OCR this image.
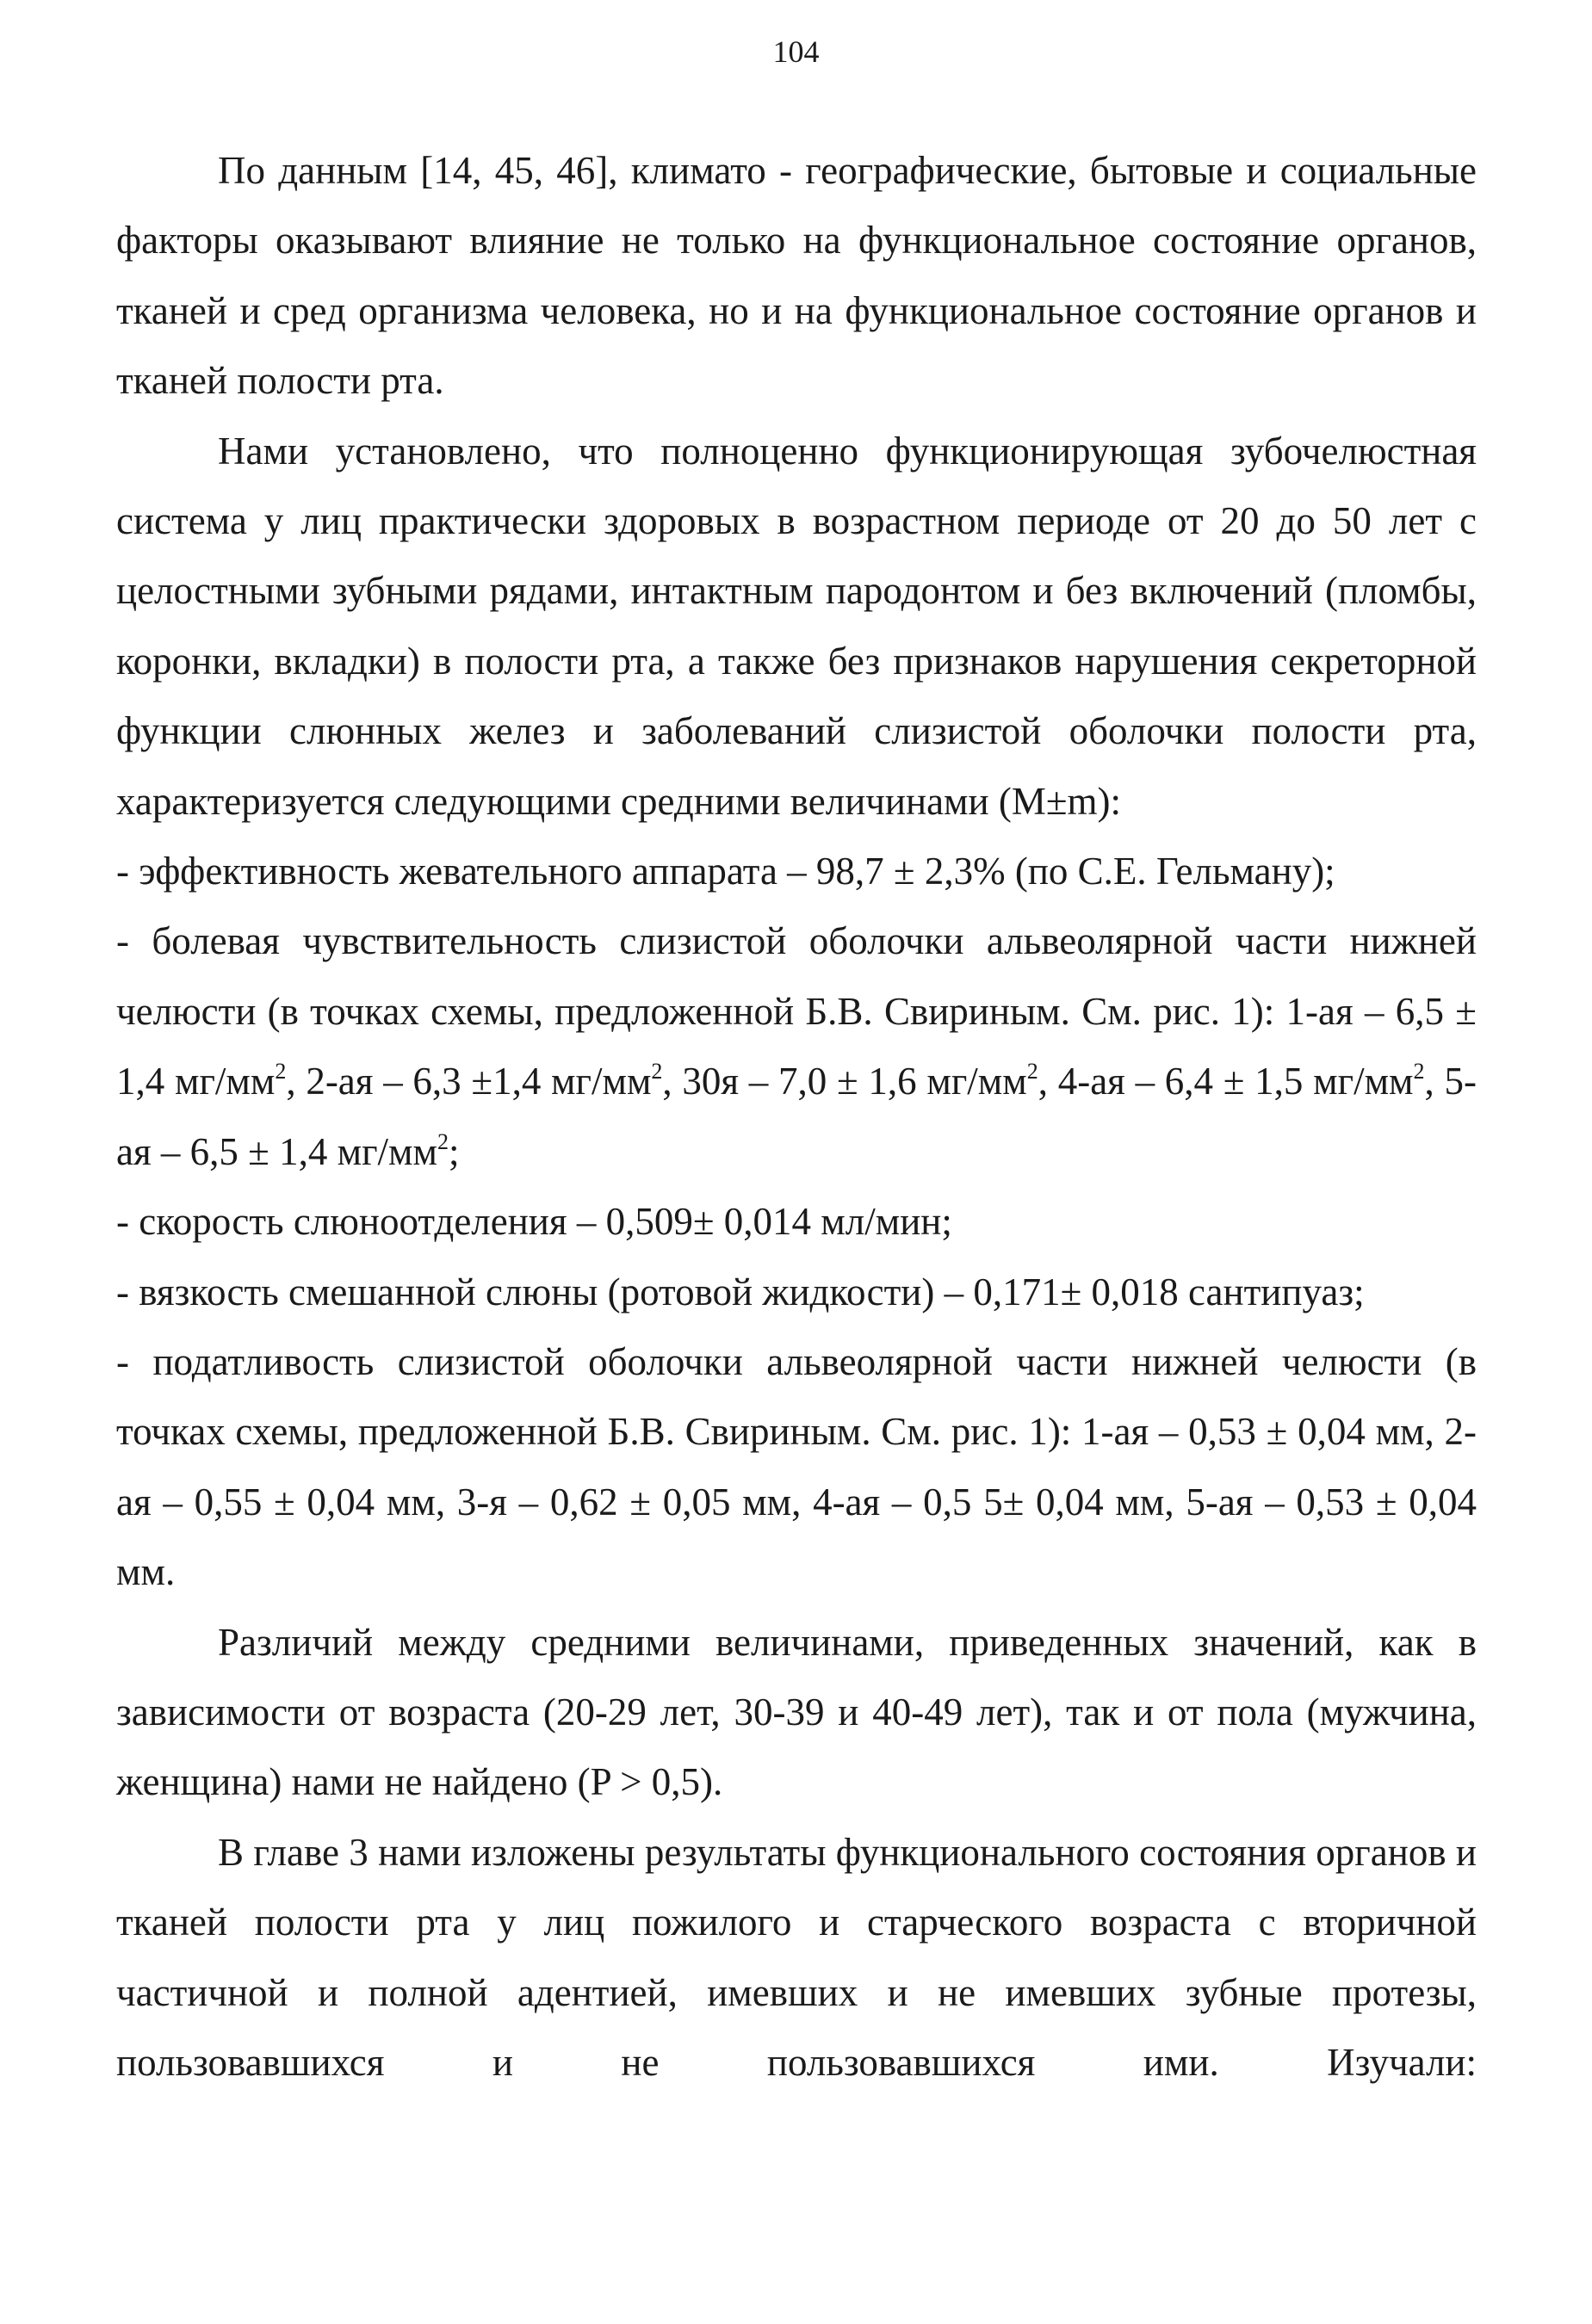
104

По данным [14, 45, 46], климато - географические, бытовые и социальные факторы оказывают влияние не только на функциональное состояние органов, тканей и сред организма человека, но и на функциональное состояние органов и тканей полости рта.

Нами установлено, что полноценно функционирующая зубочелюстная система у лиц практически здоровых в возрастном периоде от 20 до 50 лет с целостными зубными рядами, интактным пародонтом и без включений (пломбы, коронки, вкладки) в полости рта, а также без признаков нарушения секреторной функции слюнных желез и заболеваний слизистой оболочки полости рта, характеризуется следующими средними величинами (M±m):

- эффективность жевательного аппарата – 98,7 ± 2,3% (по С.Е. Гельману);

- болевая чувствительность слизистой оболочки альвеолярной части нижней челюсти (в точках схемы, предложенной Б.В. Свириным. См. рис. 1): 1-ая – 6,5 ± 1,4 $мг/мм^2$, 2-ая – 6,3 ±1,4 $мг/мм^2$, 30я – 7,0 ± 1,6 $мг/мм^2$, 4-ая – 6,4 ± 1,5 $мг/мм^2$, 5-ая – 6,5 ± 1,4 $мг/мм^2$;

- скорость слюноотделения – 0,509± 0,014 мл/мин;

- вязкость смешанной слюны (ротовой жидкости) – 0,171± 0,018 сантипуаз;

- податливость слизистой оболочки альвеолярной части нижней челюсти (в точках схемы, предложенной Б.В. Свириным. См. рис. 1): 1-ая – 0,53 ± 0,04 мм, 2-ая – 0,55 ± 0,04 мм, 3-я – 0,62 ± 0,05 мм, 4-ая – 0,5 5± 0,04 мм, 5-ая – 0,53 ± 0,04 мм.

Различий между средними величинами, приведенных значений, как в зависимости от возраста (20-29 лет, 30-39 и 40-49 лет), так и от пола (мужчина, женщина) нами не найдено (P > 0,5).

В главе 3 нами изложены результаты функционального состояния органов и тканей полости рта у лиц пожилого и старческого возраста с вторичной частичной и полной адентией, имевших и не имевших зубные протезы, пользовавшихся и не пользовавшихся ими. Изучали:
